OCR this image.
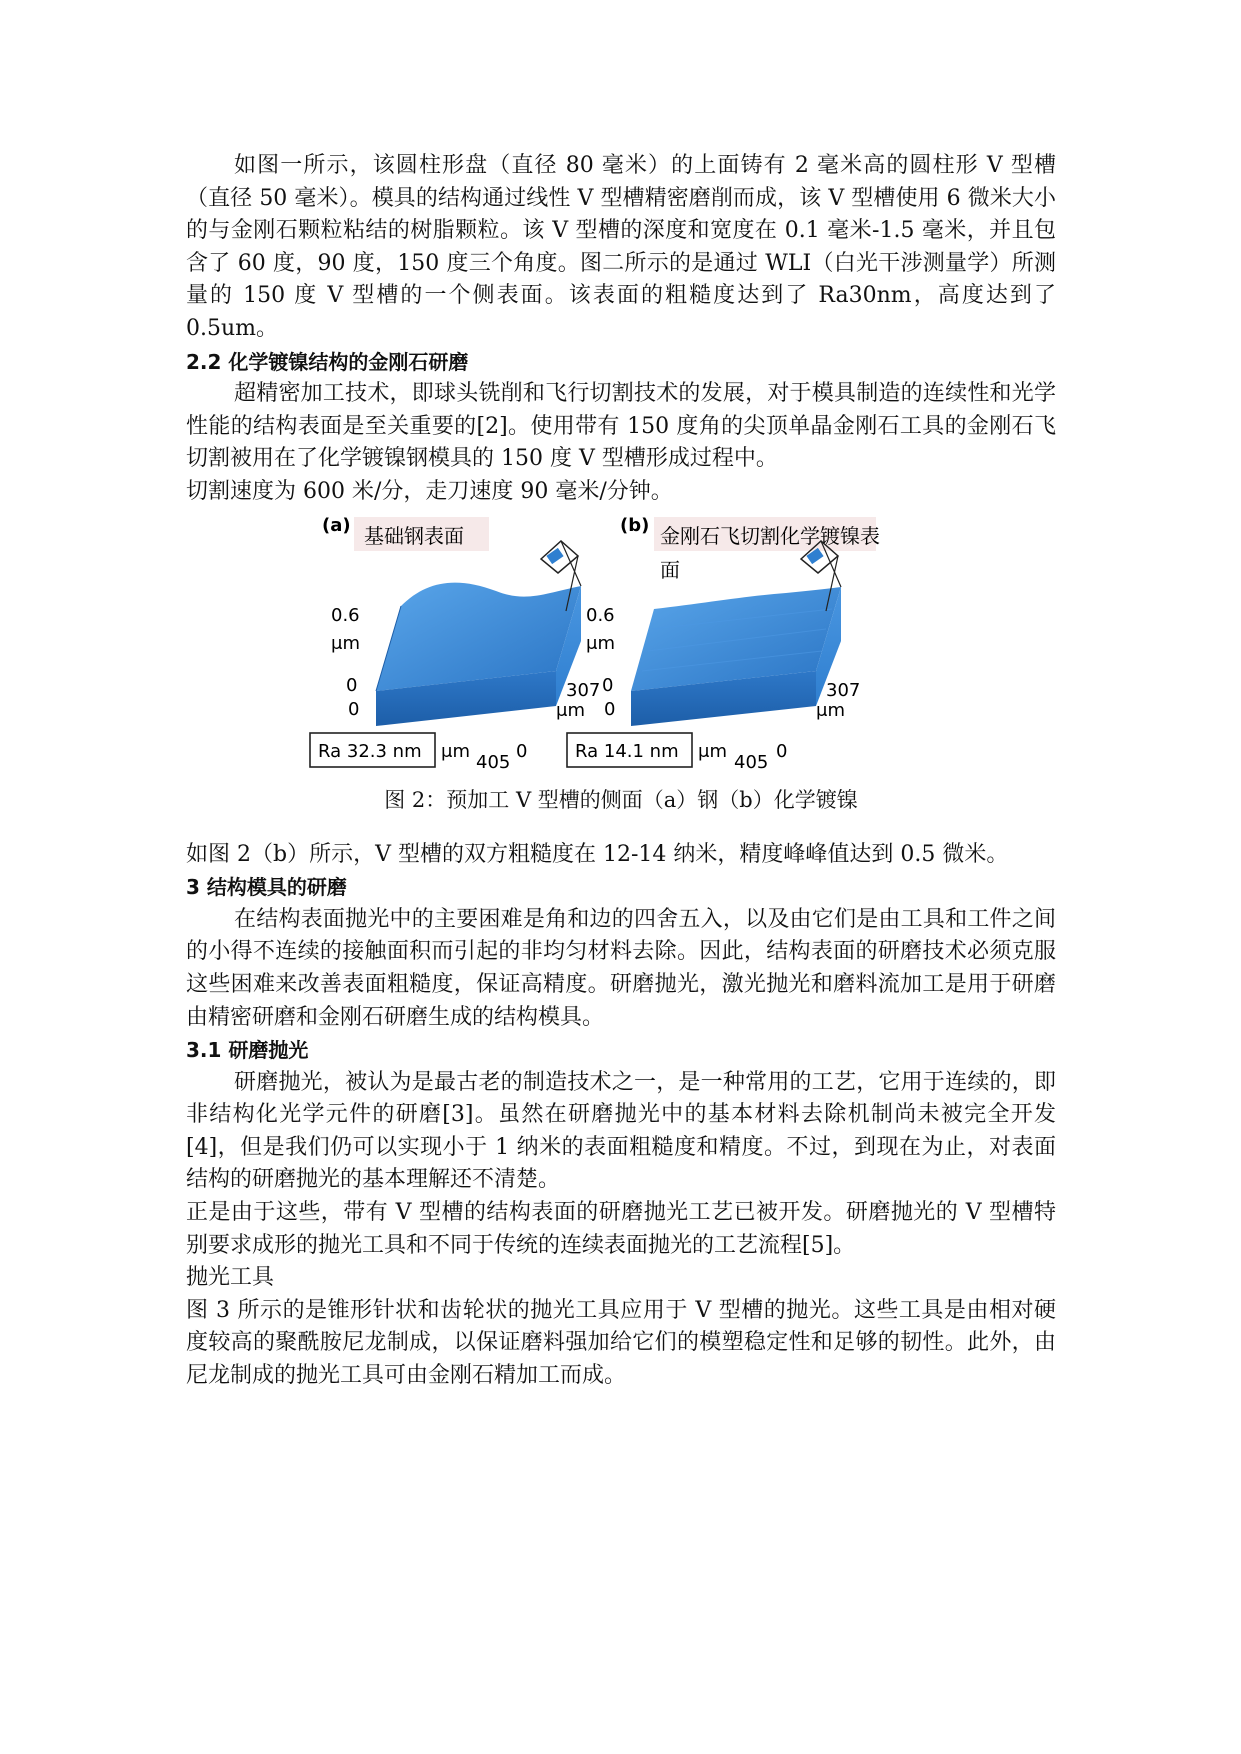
如图一所示，该圆柱形盘（直径 80 毫米）的上面铸有 2 毫米高的圆柱形 V 型槽（直径 50 毫米）。模具的结构通过线性 V 型槽精密磨削而成，该 V 型槽使用 6 微米大小的与金刚石颗粒粘结的树脂颗粒。该 V 型槽的深度和宽度在 0.1 毫米-1.5 毫米，并且包含了 60 度，90 度，150 度三个角度。图二所示的是通过 WLI（白光干涉测量学）所测量的 150 度 V 型槽的一个侧表面。该表面的粗糙度达到了 Ra30nm，高度达到了 0.5um。

2.2 化学镀镍结构的金刚石研磨

超精密加工技术，即球头铣削和飞行切割技术的发展，对于模具制造的连续性和光学性能的结构表面是至关重要的[2]。使用带有 150 度角的尖顶单晶金刚石工具的金刚石飞切割被用在了化学镀镍钢模具的 150 度 V 型槽形成过程中。

切割速度为 600 米/分，走刀速度 90 毫米/分钟。

(a) 基础钢表面
0.6
μm
0
0
307
μm
Ra 32.3 nm μm
405
0
(b) 金刚石飞切割化学镀镍表
面
0.6
μm
0
0
307
μm
Ra 14.1 nm μm
405
0
图 2：预加工 V 型槽的侧面（a）钢（b）化学镀镍

如图 2（b）所示，V 型槽的双方粗糙度在 12-14 纳米，精度峰峰值达到 0.5 微米。

3 结构模具的研磨

在结构表面抛光中的主要困难是角和边的四舍五入，以及由它们是由工具和工件之间的小得不连续的接触面积而引起的非均匀材料去除。因此，结构表面的研磨技术必须克服这些困难来改善表面粗糙度，保证高精度。研磨抛光，激光抛光和磨料流加工是用于研磨由精密研磨和金刚石研磨生成的结构模具。

3.1 研磨抛光

研磨抛光，被认为是最古老的制造技术之一，是一种常用的工艺，它用于连续的，即非结构化光学元件的研磨[3]。虽然在研磨抛光中的基本材料去除机制尚未被完全开发[4]，但是我们仍可以实现小于 1 纳米的表面粗糙度和精度。不过，到现在为止，对表面结构的研磨抛光的基本理解还不清楚。

正是由于这些，带有 V 型槽的结构表面的研磨抛光工艺已被开发。研磨抛光的 V 型槽特别要求成形的抛光工具和不同于传统的连续表面抛光的工艺流程[5]。

抛光工具

图 3 所示的是锥形针状和齿轮状的抛光工具应用于 V 型槽的抛光。这些工具是由相对硬度较高的聚酰胺尼龙制成，以保证磨料强加给它们的模塑稳定性和足够的韧性。此外，由尼龙制成的抛光工具可由金刚石精加工而成。
